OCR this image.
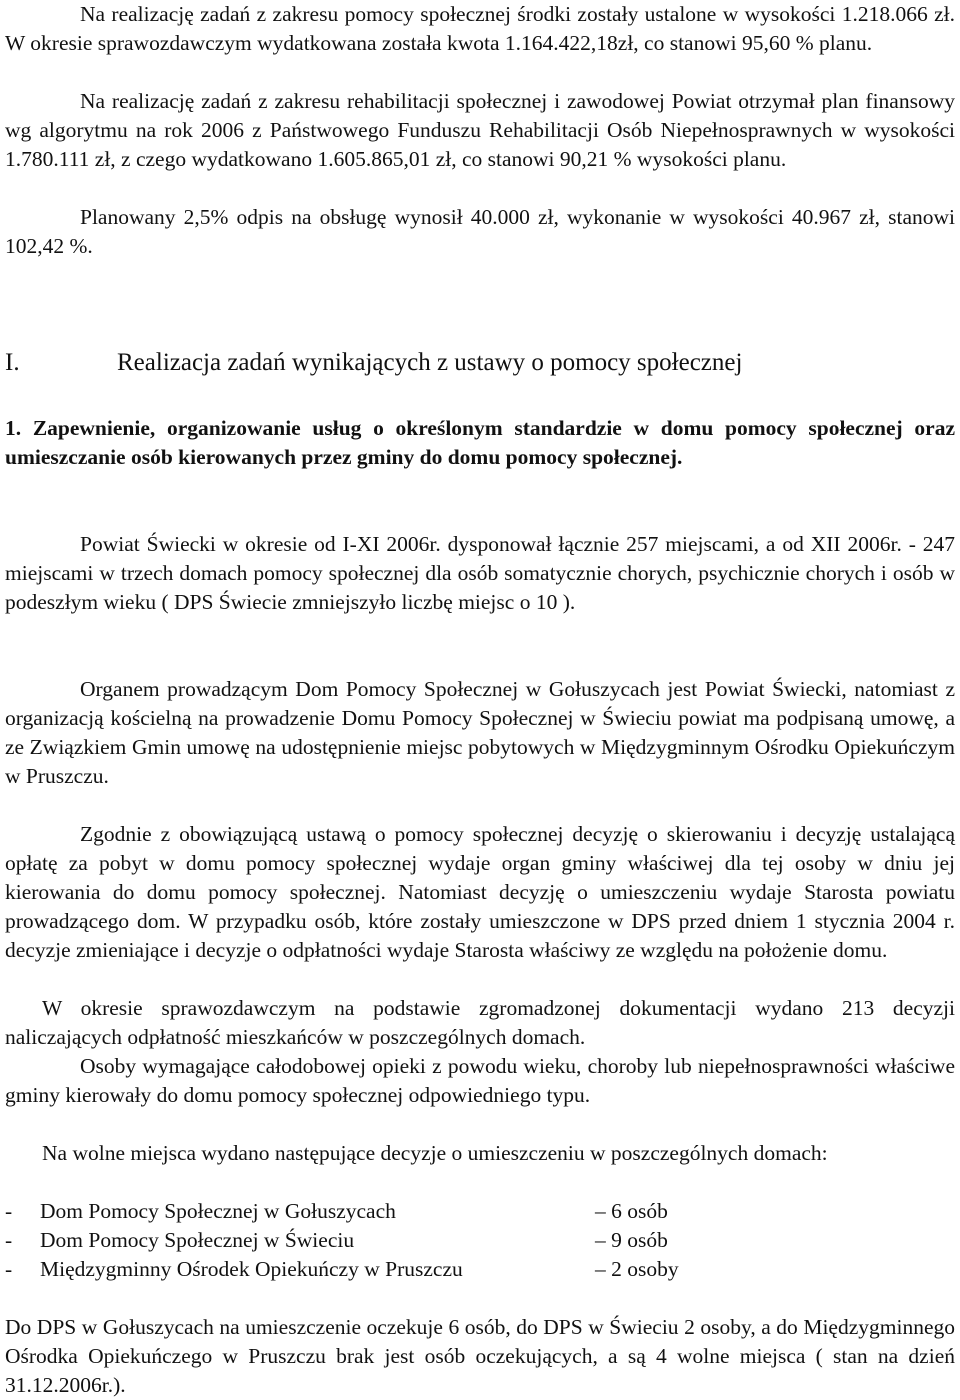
Na realizację zadań z zakresu pomocy społecznej środki zostały ustalone w wysokości 1.218.066 zł. W okresie sprawozdawczym wydatkowana została kwota 1.164.422,18zł, co stanowi 95,60 % planu.

Na realizację zadań z zakresu rehabilitacji społecznej i zawodowej Powiat otrzymał plan finansowy wg algorytmu na rok 2006 z Państwowego Funduszu Rehabilitacji Osób Niepełnosprawnych w wysokości 1.780.111 zł, z czego wydatkowano 1.605.865,01 zł, co stanowi 90,21 % wysokości planu.

Planowany 2,5% odpis na obsługę wynosił 40.000 zł, wykonanie w wysokości 40.967 zł, stanowi 102,42 %.

I.	Realizacja zadań wynikających z ustawy o pomocy społecznej

1. Zapewnienie, organizowanie usług o określonym standardzie w domu pomocy społecznej oraz umieszczanie osób kierowanych przez gminy do domu pomocy społecznej.

Powiat Świecki w okresie od I-XI 2006r. dysponował łącznie 257 miejscami, a od XII 2006r. - 247 miejscami w trzech domach pomocy społecznej dla osób somatycznie chorych, psychicznie chorych i osób w podeszłym wieku ( DPS Świecie zmniejszyło liczbę miejsc o 10 ).

Organem prowadzącym Dom Pomocy Społecznej w Gołuszycach jest Powiat Świecki, natomiast z organizacją kościelną na prowadzenie Domu Pomocy Społecznej w Świeciu powiat ma podpisaną umowę, a ze Związkiem Gmin umowę na udostępnienie miejsc pobytowych w Międzygminnym Ośrodku Opiekuńczym w Pruszczu.

Zgodnie z obowiązującą ustawą o pomocy społecznej decyzję o skierowaniu i decyzję ustalającą opłatę za pobyt w domu pomocy społecznej wydaje organ gminy właściwej dla tej osoby w dniu jej kierowania do domu pomocy społecznej. Natomiast decyzję o umieszczeniu wydaje Starosta powiatu prowadzącego dom. W przypadku osób, które zostały umieszczone w DPS przed dniem 1 stycznia 2004 r. decyzje zmieniające i decyzje o odpłatności wydaje Starosta właściwy ze względu na położenie domu.

W okresie sprawozdawczym na podstawie zgromadzonej dokumentacji wydano 213 decyzji naliczających odpłatność mieszkańców w poszczególnych domach.

Osoby wymagające całodobowej opieki z powodu wieku, choroby lub niepełnosprawności właściwe gminy kierowały do domu pomocy społecznej odpowiedniego typu.

Na wolne miejsca wydano następujące decyzje o umieszczeniu w poszczególnych domach:

- Dom Pomocy Społecznej w Gołuszycach	– 6 osób
- Dom Pomocy Społecznej w Świeciu	– 9 osób
- Międzygminny Ośrodek Opiekuńczy w Pruszczu	– 2 osoby

Do DPS w Gołuszycach na umieszczenie oczekuje 6 osób, do DPS w Świeciu 2 osoby, a do Międzygminnego Ośrodka Opiekuńczego w Pruszczu brak jest osób oczekujących, a są 4 wolne miejsca ( stan na dzień 31.12.2006r.).
